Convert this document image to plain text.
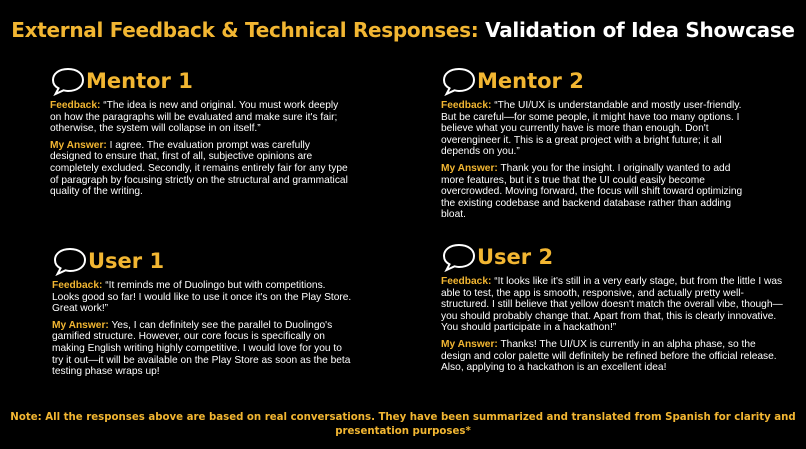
External Feedback & Technical Responses: Validation of Idea Showcase
Mentor 1

Feedback: “The idea is new and original. You must work deeply on how the paragraphs will be evaluated and make sure it's fair; otherwise, the system will collapse in on itself.”

My Answer: I agree. The evaluation prompt was carefully designed to ensure that, first of all, subjective opinions are completely excluded. Secondly, it remains entirely fair for any type of paragraph by focusing strictly on the structural and grammatical quality of the writing.

Mentor 2

Feedback: “The UI/UX is understandable and mostly user-friendly. But be careful—for some people, it might have too many options. I believe what you currently have is more than enough. Don't overengineer it. This is a great project with a bright future; it all depends on you.”

My Answer: Thank you for the insight. I originally wanted to add more features, but it s true that the UI could easily become overcrowded. Moving forward, the focus will shift toward optimizing the existing codebase and backend database rather than adding bloat.

User 1

Feedback: “It reminds me of Duolingo but with competitions. Looks good so far! I would like to use it once it's on the Play Store. Great work!”

My Answer: Yes, I can definitely see the parallel to Duolingo's gamified structure. However, our core focus is specifically on making English writing highly competitive. I would love for you to try it out—it will be available on the Play Store as soon as the beta testing phase wraps up!

User 2

Feedback: “It looks like it's still in a very early stage, but from the little I was able to test, the app is smooth, responsive, and actually pretty well-structured. I still believe that yellow doesn't match the overall vibe, though—you should probably change that. Apart from that, this is clearly innovative. You should participate in a hackathon!”

My Answer: Thanks! The UI/UX is currently in an alpha phase, so the design and color palette will definitely be refined before the official release. Also, applying to a hackathon is an excellent idea!

Note: All the responses above are based on real conversations. They have been summarized and translated from Spanish for clarity and presentation purposes*
